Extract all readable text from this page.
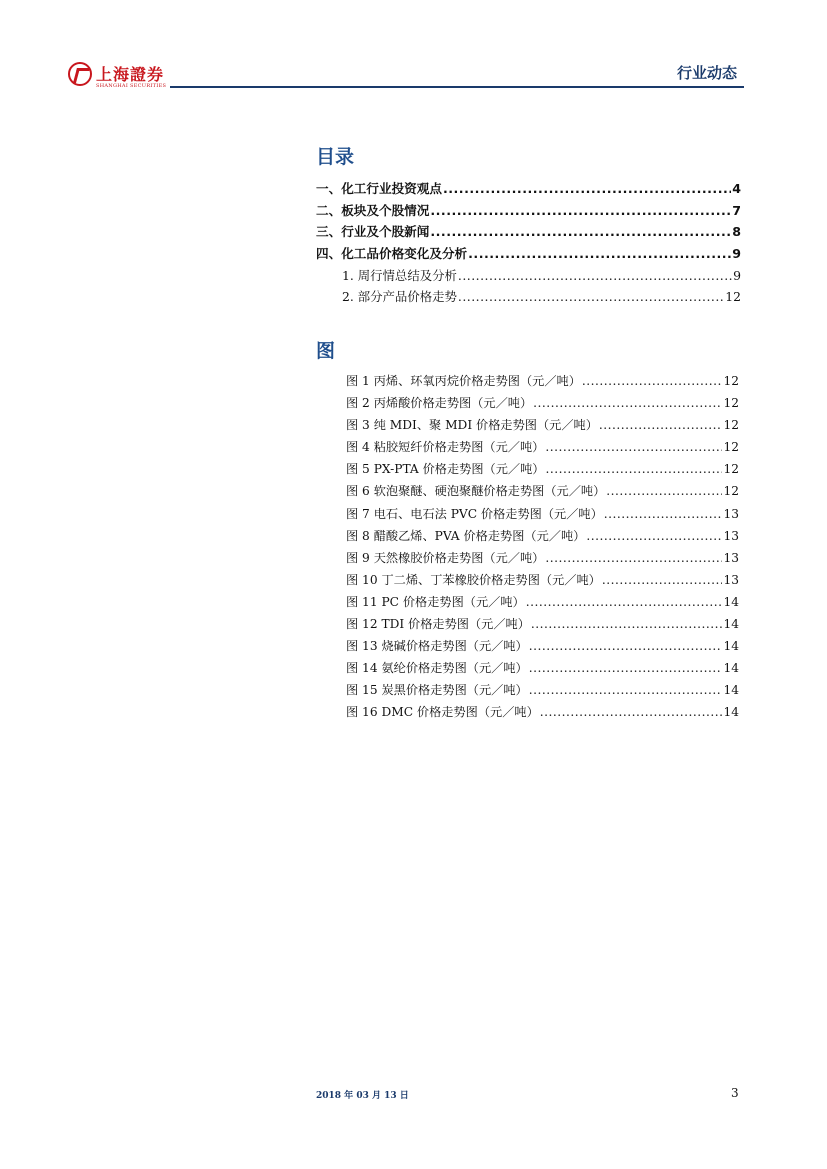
上海證券
SHANGHAI SECURITIES
行业动态
目录
一、化工行业投资观点 .....	4
二、板块及个股情况 .....	7
三、行业及个股新闻 .....	8
四、化工品价格变化及分析 .....	9
1. 周行情总结及分析 .....	9
2. 部分产品价格走势 .....	12
图
图 1 丙烯、环氧丙烷价格走势图（元／吨） .....	12
图 2 丙烯酸价格走势图（元／吨） .....	12
图 3 纯 MDI、聚 MDI 价格走势图（元／吨） .....	12
图 4 粘胶短纤价格走势图（元／吨） .....	12
图 5 PX-PTA 价格走势图（元／吨） .....	12
图 6 软泡聚醚、硬泡聚醚价格走势图（元／吨） .....	12
图 7 电石、电石法 PVC 价格走势图（元／吨） .....	13
图 8 醋酸乙烯、PVA 价格走势图（元／吨） .....	13
图 9 天然橡胶价格走势图（元／吨） .....	13
图 10 丁二烯、丁苯橡胶价格走势图（元／吨） .....	13
图 11 PC 价格走势图（元／吨） .....	14
图 12 TDI 价格走势图（元／吨） .....	14
图 13 烧碱价格走势图（元／吨） .....	14
图 14 氨纶价格走势图（元／吨） .....	14
图 15 炭黑价格走势图（元／吨） .....	14
图 16 DMC 价格走势图（元／吨） .....	14
2018 年 03 月 13 日	3
